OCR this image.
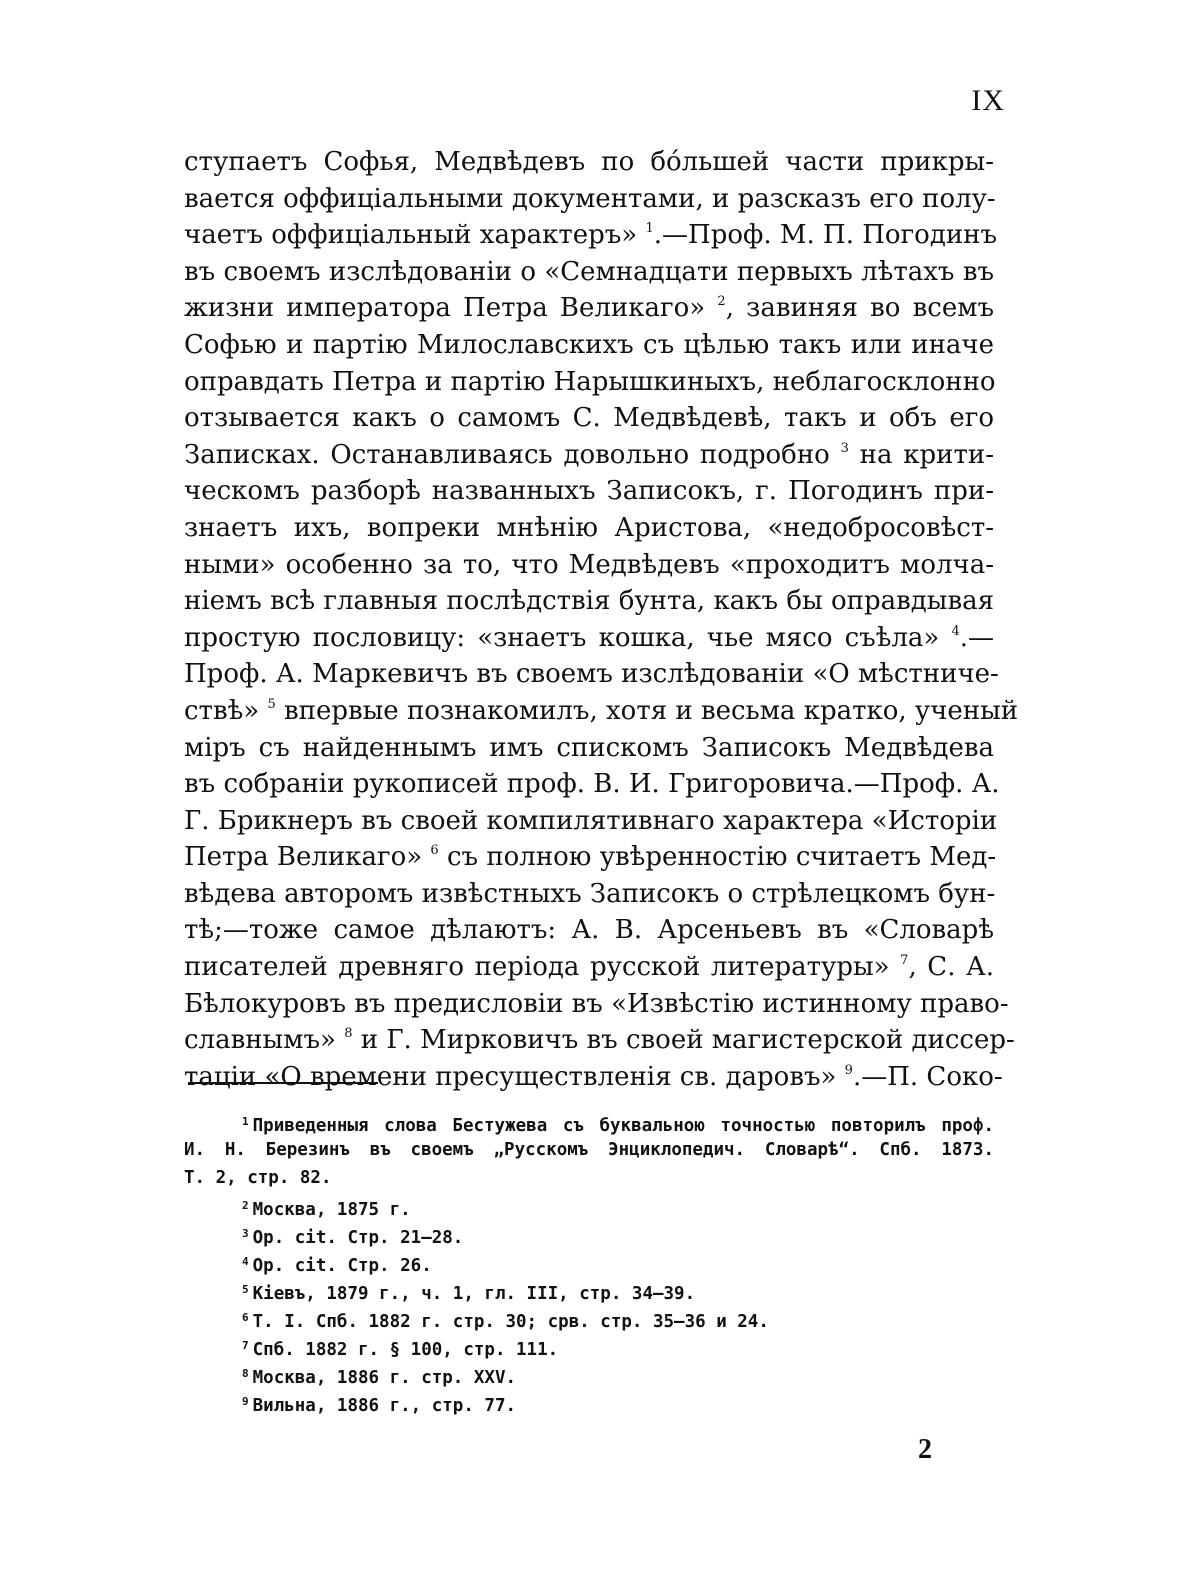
IX
ступаетъ Софья, Медвѣдевъ по бóльшей части прикры-
вается оффиціальными документами, и разсказъ его полу-
чаетъ оффиціальный характеръ» $^1$.—Проф. М. П. Погодинъ
въ своемъ изслѣдованіи о «Семнадцати первыхъ лѣтахъ въ
жизни императора Петра Великаго» $^2$, завиняя во всемъ
Софью и партію Милославскихъ съ цѣлью такъ или иначе
оправдать Петра и партію Нарышкиныхъ, неблагосклонно
отзывается какъ о самомъ С. Медвѣдевѣ, такъ и объ его
Записках. Останавливаясь довольно подробно $^3$ на крити-
ческомъ разборѣ названныхъ Записокъ, г. Погодинъ при-
знаетъ ихъ, вопреки мнѣнію Аристова, «недобросовѣст-
ными» особенно за то, что Медвѣдевъ «проходитъ молча-
ніемъ всѣ главныя послѣдствія бунта, какъ бы оправдывая
простую пословицу: «знаетъ кошка, чье мясо съѣла» $^4$.—
Проф. А. Маркевичъ въ своемъ изслѣдованіи «О мѣстниче-
ствѣ» $^5$ впервые познакомилъ, хотя и весьма кратко, ученый
міръ съ найденнымъ имъ спискомъ Записокъ Медвѣдева
въ собраніи рукописей проф. В. И. Григоровича.—Проф. А.
Г. Брикнеръ въ своей компилятивнаго характера «Исторіи
Петра Великаго» $^6$ съ полною увѣренностію считаетъ Мед-
вѣдева авторомъ извѣстныхъ Записокъ о стрѣлецкомъ бун-
тѣ;—тоже самое дѣлаютъ: А. В. Арсеньевъ въ «Словарѣ
писателей древняго періода русской литературы» $^7$, С. А.
Бѣлокуровъ въ предисловіи въ «Извѣстію истинному право-
славнымъ» $^8$ и Г. Мирковичъ въ своей магистерской диссер-
таціи «О времени пресуществленія св. даровъ» $^9$.—П. Соко-
$^1$ Приведенныя слова Бестужева съ буквальною точностью повторилъ проф.
И. Н. Березинъ въ своемъ „Русскомъ Энциклопедич. Словарѣ“. Спб. 1873.
Т. 2, стр. 82.
$^2$ Москва, 1875 г.
$^3$ Op. cit. Стр. 21—28.
$^4$ Op. cit. Стр. 26.
$^5$ Кіевъ, 1879 г., ч. 1, гл. III, стр. 34—39.
$^6$ Т. I. Спб. 1882 г. стр. 30; срв. стр. 35—36 и 24.
$^7$ Спб. 1882 г. § 100, стр. 111.
$^8$ Москва, 1886 г. стр. XXV.
$^9$ Вильна, 1886 г., стр. 77.
2
